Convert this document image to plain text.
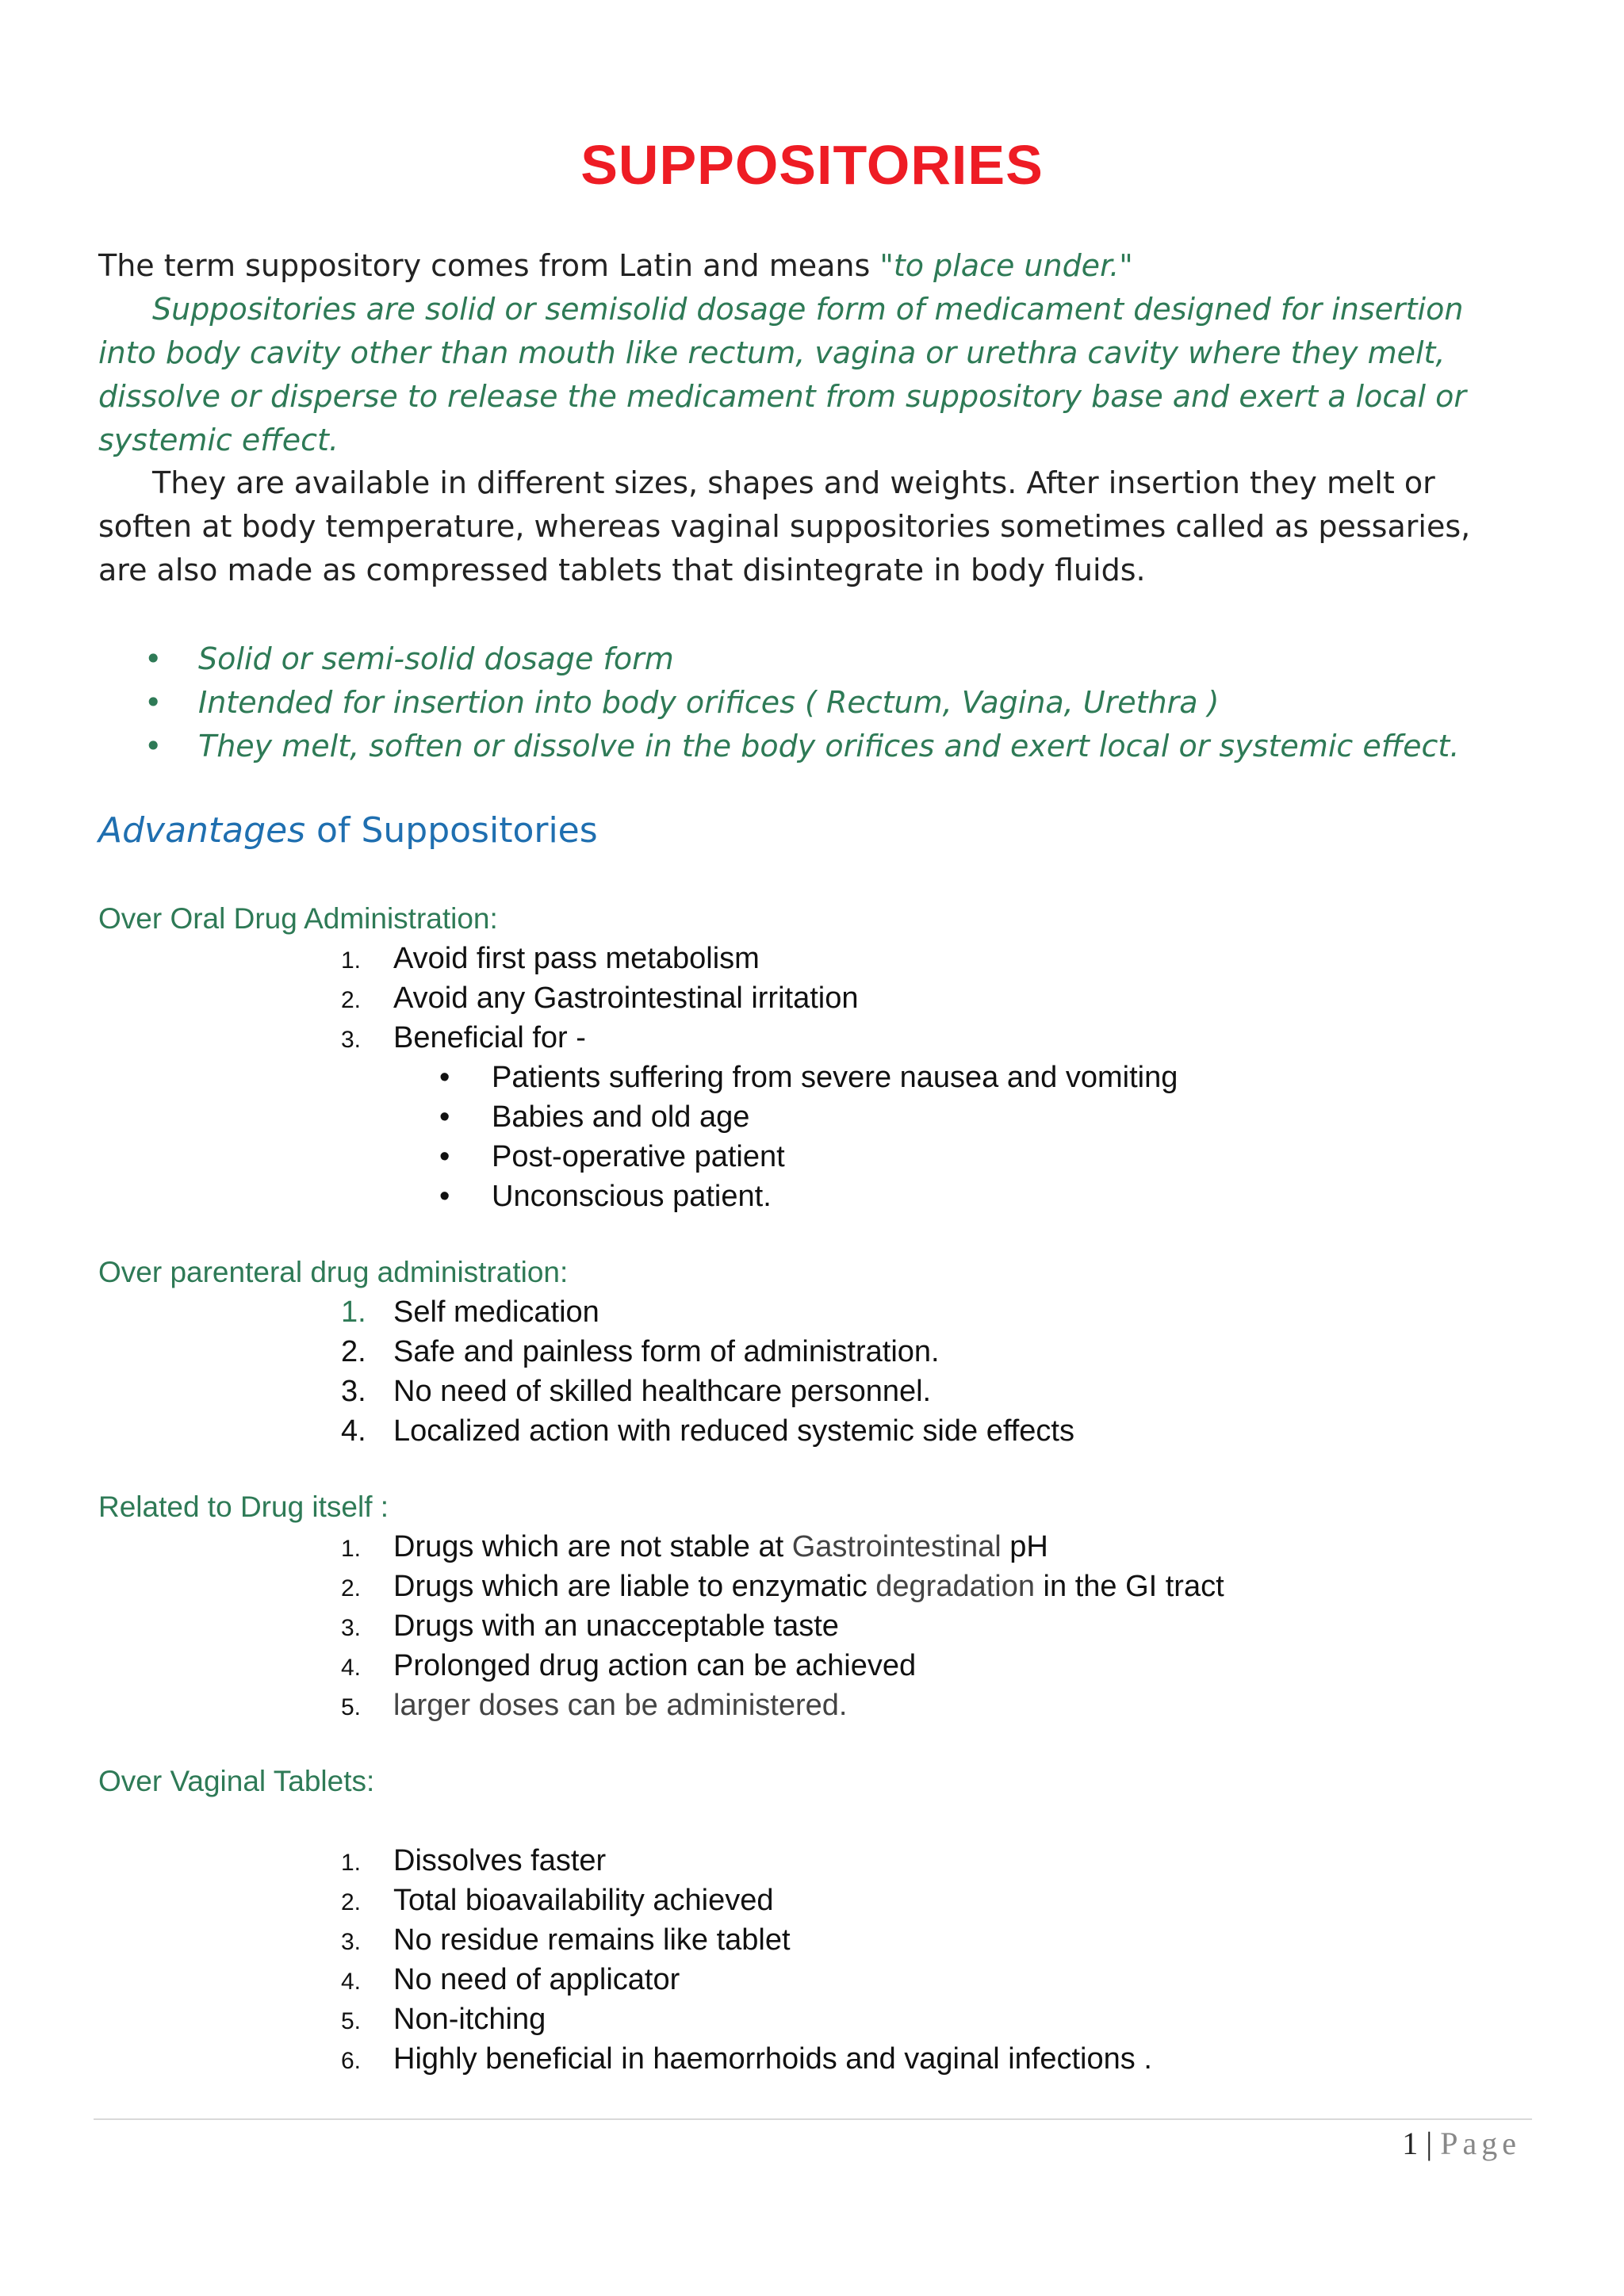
SUPPOSITORIES

The term suppository comes from Latin and means "to place under."
Suppositories are solid or semisolid dosage form of medicament designed for insertion into body cavity other than mouth like rectum, vagina or urethra cavity where they melt, dissolve or disperse to release the medicament from suppository base and exert a local or systemic effect.

They are available in different sizes, shapes and weights. After insertion they melt or soften at body temperature, whereas vaginal suppositories sometimes called as pessaries, are also made as compressed tablets that disintegrate in body fluids.

• Solid or semi-solid dosage form
• Intended for insertion into body orifices ( Rectum, Vagina, Urethra )
• They melt, soften or dissolve in the body orifices and exert local or systemic effect.
Advantages of Suppositories
Over Oral Drug Administration:
1. Avoid first pass metabolism
2. Avoid any Gastrointestinal irritation
3. Beneficial for -
• Patients suffering from severe nausea and vomiting
• Babies and old age
• Post-operative patient
• Unconscious patient.
Over parenteral drug administration:
1. Self medication
2. Safe and painless form of administration.
3. No need of skilled healthcare personnel.
4. Localized action with reduced systemic side effects
Related to Drug itself :
1. Drugs which are not stable at Gastrointestinal pH
2. Drugs which are liable to enzymatic degradation in the GI tract
3. Drugs with an unacceptable taste
4. Prolonged drug action can be achieved
5. larger doses can be administered.
Over Vaginal Tablets:
1. Dissolves faster
2. Total bioavailability achieved
3. No residue remains like tablet
4. No need of applicator
5. Non-itching
6. Highly beneficial in haemorrhoids and vaginal infections .
1 | Page
